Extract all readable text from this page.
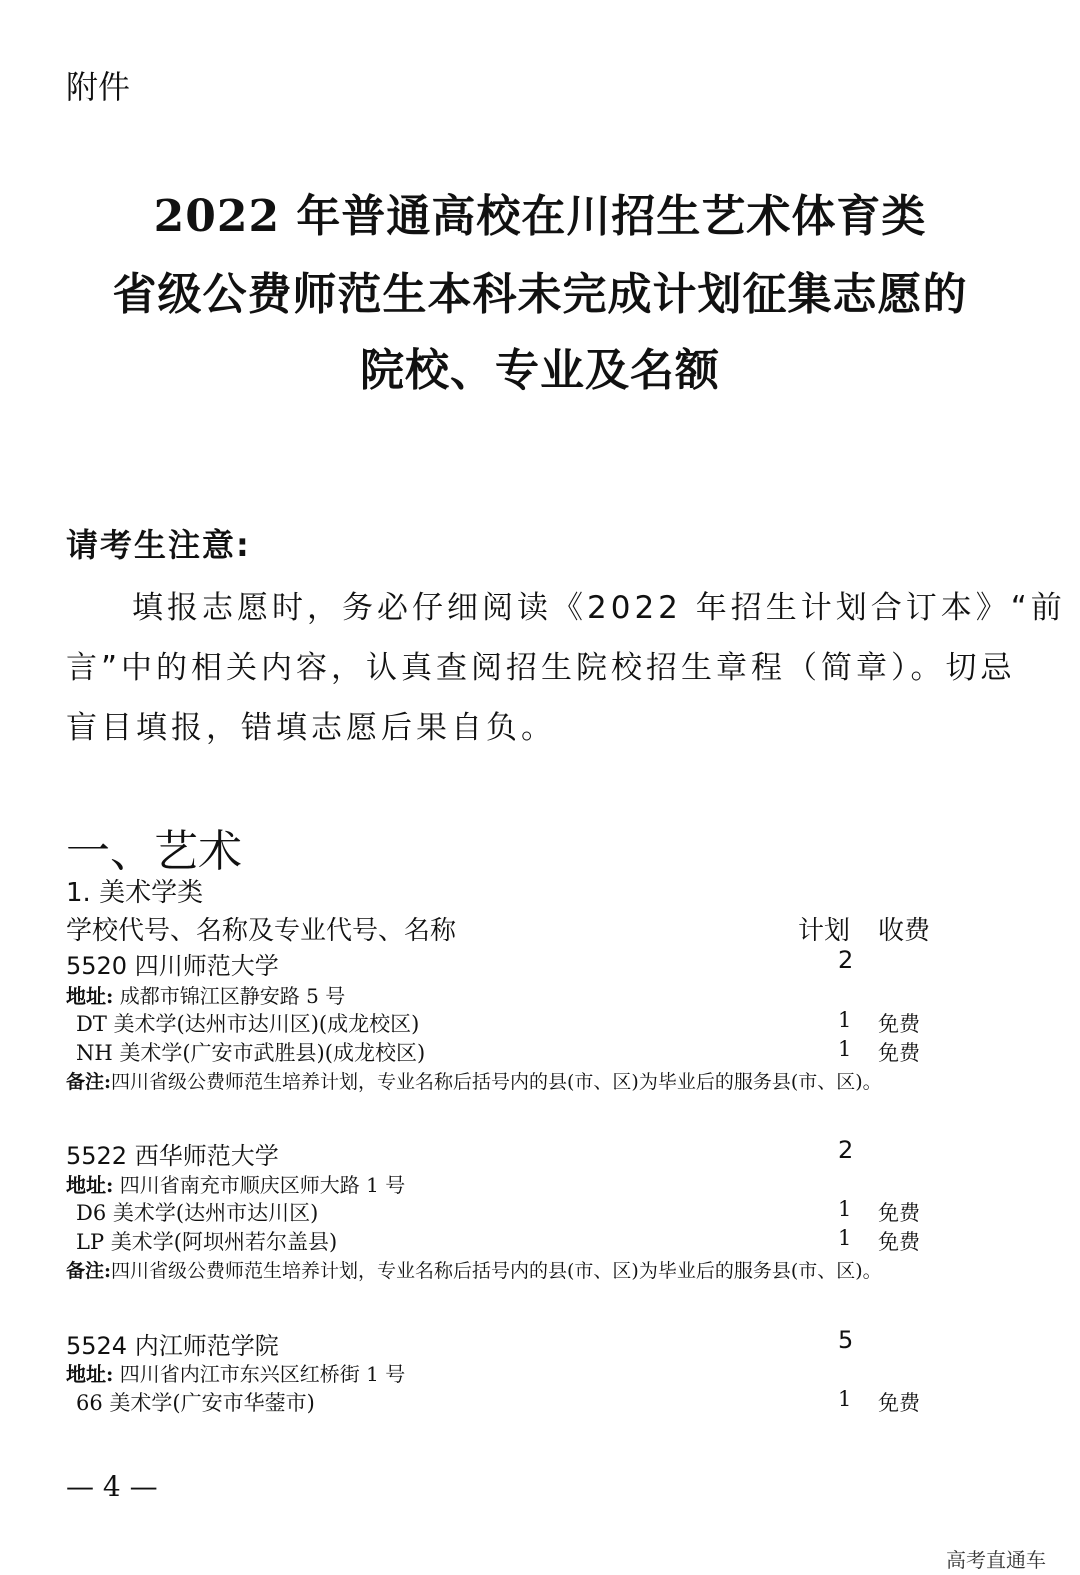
附件
2022 年普通高校在川招生艺术体育类
省级公费师范生本科未完成计划征集志愿的
院校、专业及名额
请考生注意:
填报志愿时，务必仔细阅读《2022 年招生计划合订本》“前
言”中的相关内容，认真查阅招生院校招生章程（简章）。切忌
盲目填报，错填志愿后果自负。
一、艺术
1. 美术学类
学校代号、名称及专业代号、名称	计划 收费
5520 四川师范大学	2
地址: 成都市锦江区静安路 5 号
DT 美术学(达州市达川区)(成龙校区)	1 免费
NH 美术学(广安市武胜县)(成龙校区)	1 免费
备注:四川省级公费师范生培养计划，专业名称后括号内的县(市、区)为毕业后的服务县(市、区)。
5522 西华师范大学	2
地址: 四川省南充市顺庆区师大路 1 号
D6 美术学(达州市达川区)	1 免费
LP 美术学(阿坝州若尔盖县)	1 免费
备注:四川省级公费师范生培养计划，专业名称后括号内的县(市、区)为毕业后的服务县(市、区)。
5524 内江师范学院	5
地址: 四川省内江市东兴区红桥街 1 号
66 美术学(广安市华蓥市)	1 免费
— 4 —
高考直通车
